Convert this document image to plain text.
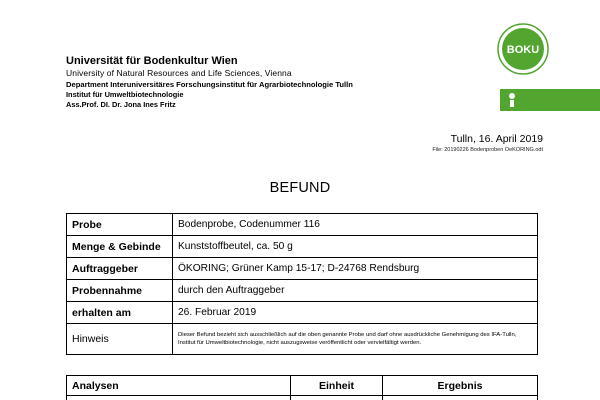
Universität für Bodenkultur Wien
University of Natural Resources and Life Sciences, Vienna
Department Interuniversitäres Forschungsinstitut für Agrarbiotechnologie Tulln
Institut für Umweltbiotechnologie
Ass.Prof. DI. Dr. Jona Ines Fritz
BOKU
Tulln, 16. April 2019
File: 20190226 Bodenproben OeKORING.odt
BEFUND
Probe	Bodenprobe, Codenummer 116
Menge & Gebinde	Kunststoffbeutel, ca. 50 g
Auftraggeber	ÖKORING; Grüner Kamp 15-17; D-24768 Rendsburg
Probennahme	durch den Auftraggeber
erhalten am	26. Februar 2019
Hinweis	Dieser Befund bezieht sich ausschließlich auf die oben genannte Probe und darf ohne ausdrückliche Genehmigung des IFA-Tulln, Institut für Umweltbiotechnologie, nicht auszugsweise veröffentlicht oder vervielfältigt werden.
Analysen	Einheit	Ergebnis
